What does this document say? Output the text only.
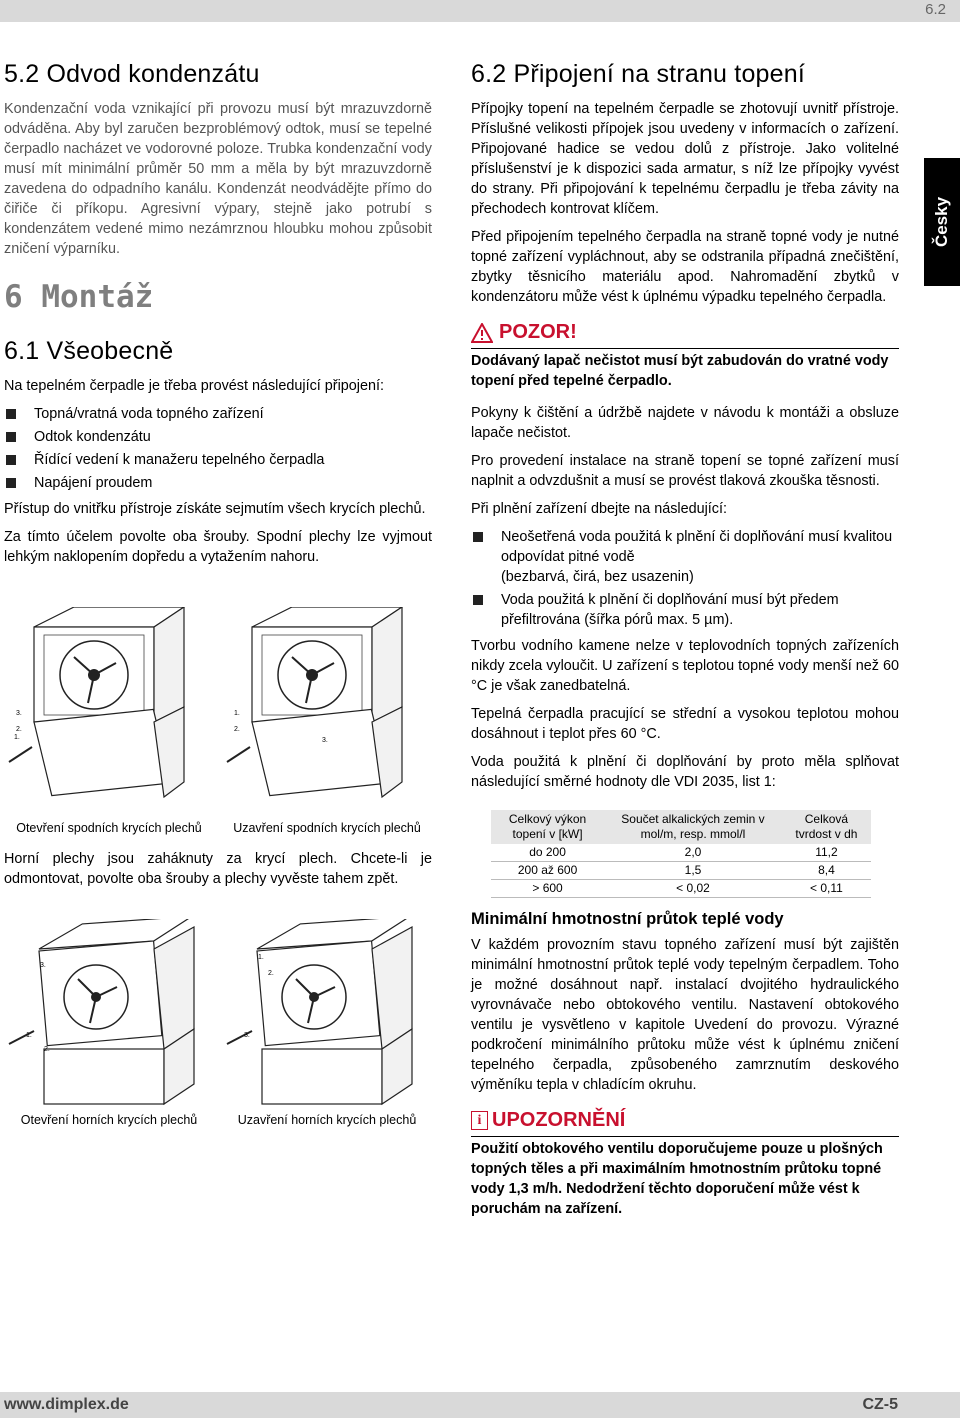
6.2
Česky
5.2 Odvod kondenzátu

Kondenzační voda vznikající při provozu musí být mrazuvzdorně odváděna. Aby byl zaručen bezproblémový odtok, musí se tepelné čerpadlo nacházet ve vodorovné poloze. Trubka kondenzační vody musí mít minimální průměr 50 mm a měla by být mrazuvzdorně zavedena do odpadního kanálu. Kondenzát neodvádějte přímo do čiřiče či příkopu. Agresivní výpary, stejně jako potrubí s kondenzátem vedené mimo nezámrznou hloubku mohou způsobit zničení výparníku.

6 Montáž
6.1 Všeobecně

Na tepelném čerpadle je třeba provést následující připojení:

Topná/vratná voda topného zařízení
Odtok kondenzátu
Řídící vedení k manažeru tepelného čerpadla
Napájení proudem

Přístup do vnitřku přístroje získáte sejmutím všech krycích plechů.

Za tímto účelem povolte oba šrouby. Spodní plechy lze vyjmout lehkým naklopením dopředu a vytažením nahoru.

3.
2.
1.
Otevření spodních krycích plechů
1.
2.
3.
Uzavření spodních krycích plechů

Horní plechy jsou zaháknuty za krycí plech. Chcete-li je odmontovat, povolte oba šrouby a plechy vyvěste tahem zpět.

3.
1.
2.
Otevření horních krycích plechů
1.
2.
3.
Uzavření horních krycích plechů
6.2 Připojení na stranu topení

Přípojky topení na tepelném čerpadle se zhotovují uvnitř přístroje. Příslušné velikosti přípojek jsou uvedeny v informacích o zařízení. Připojované hadice se vedou dolů z přístroje. Jako volitelné příslušenství je k dispozici sada armatur, s níž lze přípojky vyvést do strany. Při připojování k tepelnému čerpadlu je třeba závity na přechodech kontrovat klíčem.

Před připojením tepelného čerpadla na straně topné vody je nutné topné zařízení vypláchnout, aby se odstranila případná znečištění, zbytky těsnicího materiálu apod. Nahromadění zbytků v kondenzátoru může vést k úplnému výpadku tepelného čerpadla.

POZOR!
Dodávaný lapač nečistot musí být zabudován do vratné vody topení před tepelné čerpadlo.

Pokyny k čištění a údržbě najdete v návodu k montáži a obsluze lapače nečistot.

Pro provedení instalace na straně topení se topné zařízení musí naplnit a odvzdušnit a musí se provést tlaková zkouška těsnosti.

Při plnění zařízení dbejte na následující:

Neošetřená voda použitá k plnění či doplňování musí kvalitou odpovídat pitné vodě
(bezbarvá, čirá, bez usazenin)
Voda použitá k plnění či doplňování musí být předem přefiltrována (šířka pórů max. 5 µm).

Tvorbu vodního kamene nelze v teplovodních topných zařízeních nikdy zcela vyloučit. U zařízení s teplotou topné vody menší než 60 °C je však zanedbatelná.

Tepelná čerpadla pracující se střední a vysokou teplotou mohou dosáhnout i teplot přes 60 °C.

Voda použitá k plnění či doplňování by proto měla splňovat následující směrné hodnoty dle VDI 2035, list 1:

Celkový výkon topení v [kW]	Součet alkalických zemin v mol/m, resp. mmol/l	Celková tvrdost v dh
do 200	2,0	11,2
200 až 600	1,5	8,4
> 600	< 0,02	< 0,11
Minimální hmotnostní průtok teplé vody

V každém provozním stavu topného zařízení musí být zajištěn minimální hmotnostní průtok teplé vody tepelným čerpadlem. Toho je možné dosáhnout např. instalací dvojitého hydraulického vyrovnávače nebo obtokového ventilu. Nastavení obtokového ventilu je vysvětleno v kapitole Uvedení do provozu. Výrazné podkročení minimálního průtoku může vést k úplnému zničení tepelného čerpadla, způsobeného zamrznutím deskového výměníku tepla v chladícím okruhu.

i UPOZORNĚNÍ
Použití obtokového ventilu doporučujeme pouze u plošných topných těles a při maximálním hmotnostním průtoku topné vody 1,3 m/h. Nedodržení těchto doporučení může vést k poruchám na zařízení.
www.dimplex.de	CZ-5
